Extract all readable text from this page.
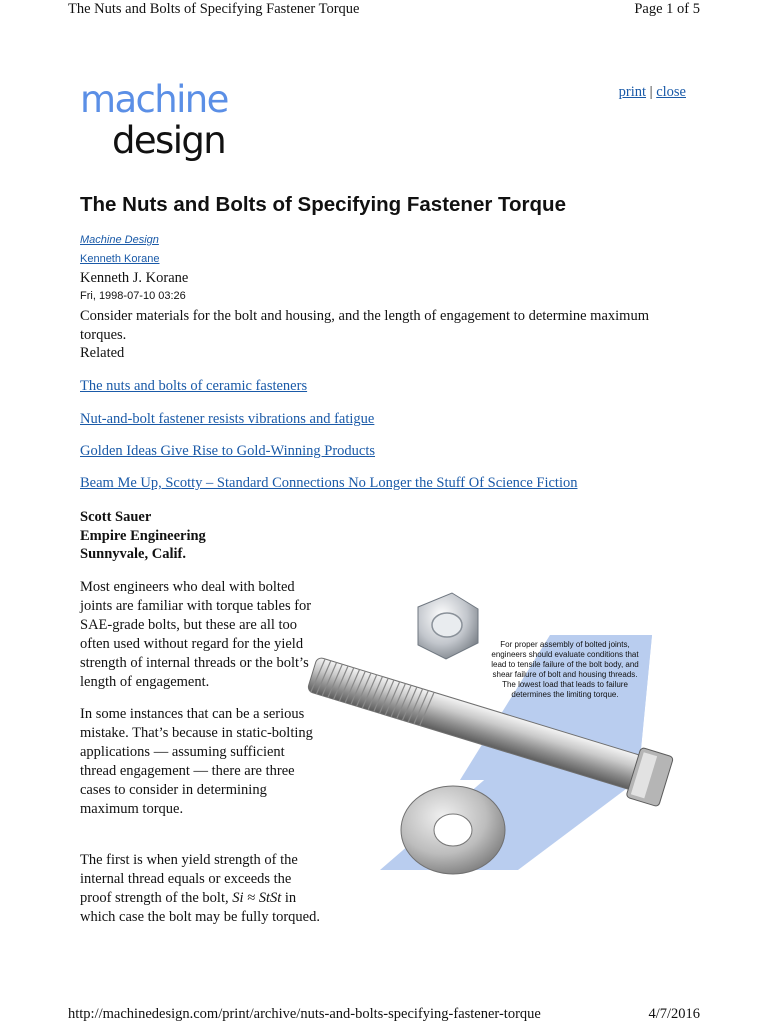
The Nuts and Bolts of Specifying Fastener Torque	Page 1 of 5
machine
design
print | close
The Nuts and Bolts of Specifying Fastener Torque
Machine Design
Kenneth Korane
Kenneth J. Korane
Fri, 1998-07-10 03:26
Consider materials for the bolt and housing, and the length of engagement to determine maximum torques.
Related
The nuts and bolts of ceramic fasteners
Nut-and-bolt fastener resists vibrations and fatigue
Golden Ideas Give Rise to Gold-Winning Products
Beam Me Up, Scotty – Standard Connections No Longer the Stuff Of Science Fiction
Scott Sauer
Empire Engineering
Sunnyvale, Calif.

Most engineers who deal with bolted joints are familiar with torque tables for SAE-grade bolts, but these are all too often used without regard for the yield strength of internal threads or the bolt’s length of engagement.

In some instances that can be a serious mistake. That’s because in static-bolting applications — assuming sufficient thread engagement — there are three cases to consider in determining maximum torque.

The first is when yield strength of the internal thread equals or exceeds the proof strength of the bolt, Si ≈ StSt in which case the bolt may be fully torqued.

For proper assembly of bolted joints, engineers should evaluate conditions that lead to tensile failure of the bolt body, and shear failure of bolt and housing threads. The lowest load that leads to failure determines the limiting torque.
http://machinedesign.com/print/archive/nuts-and-bolts-specifying-fastener-torque	4/7/2016
